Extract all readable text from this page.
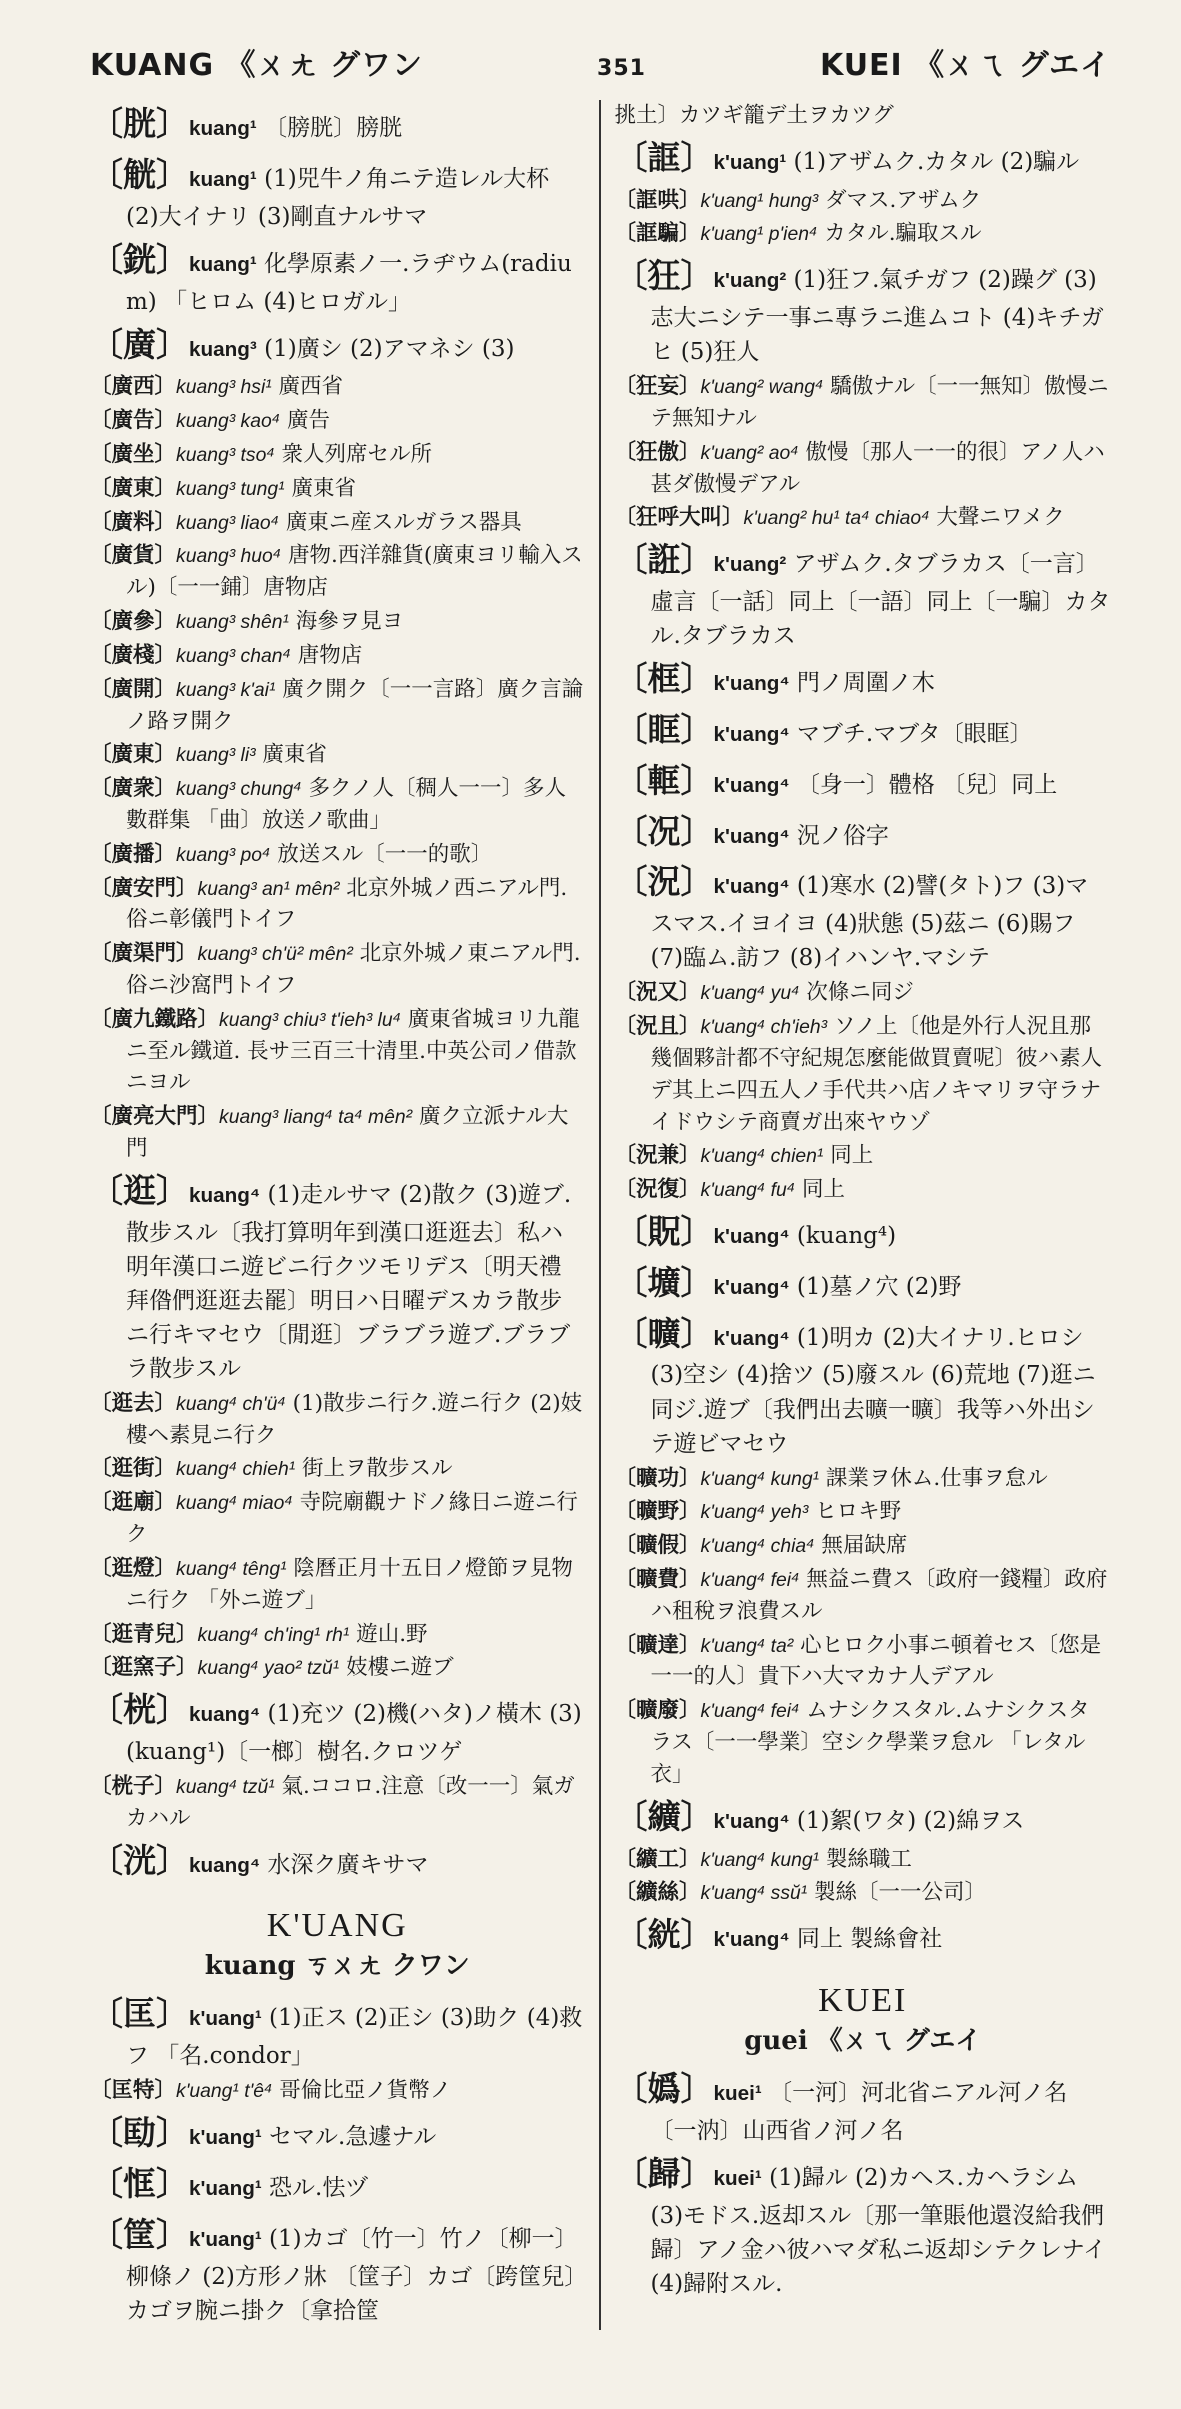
KUANG 《ㄨㄤ グワン	351	KUEI 《ㄨㄟ グエイ

〔胱〕kuang¹ 〔膀胱〕膀胱

〔觥〕kuang¹ (1)兕牛ノ角ニテ造レル大杯 (2)大イナリ (3)剛直ナルサマ

〔銧〕kuang¹ 化學原素ノ一.ラヂウム(radium) 「ヒロム (4)ヒロガル」

〔廣〕kuang³ (1)廣シ (2)アマネシ (3)

〔廣西〕kuang³ hsi¹ 廣西省

〔廣告〕kuang³ kao⁴ 廣告

〔廣坐〕kuang³ tso⁴ 衆人列席セル所

〔廣東〕kuang³ tung¹ 廣東省

〔廣料〕kuang³ liao⁴ 廣東ニ産スルガラス器具

〔廣貨〕kuang³ huo⁴ 唐物.西洋雜貨(廣東ヨリ輸入スル)〔一一鋪〕唐物店

〔廣參〕kuang³ shên¹ 海參ヲ見ヨ

〔廣棧〕kuang³ chan⁴ 唐物店

〔廣開〕kuang³ k'ai¹ 廣ク開ク〔一一言路〕廣ク言論ノ路ヲ開ク

〔廣東〕kuang³ li³ 廣東省

〔廣衆〕kuang³ chung⁴ 多クノ人〔稠人一一〕多人數群集 「曲〕放送ノ歌曲」

〔廣播〕kuang³ po⁴ 放送スル〔一一的歌〕

〔廣安門〕kuang³ an¹ mên² 北京外城ノ西ニアル門.俗ニ彰儀門トイフ

〔廣渠門〕kuang³ ch'ü² mên² 北京外城ノ東ニアル門.俗ニ沙窩門トイフ

〔廣九鐵路〕kuang³ chiu³ t'ieh³ lu⁴ 廣東省城ヨリ九龍ニ至ル鐵道. 長サ三百三十清里.中英公司ノ借款ニヨル

〔廣亮大門〕kuang³ liang⁴ ta⁴ mên² 廣ク立派ナル大門

〔逛〕kuang⁴ (1)走ルサマ (2)散ク (3)遊ブ.散步スル〔我打算明年到漢口逛逛去〕私ハ明年漢口ニ遊ビニ行クツモリデス〔明天禮拜偺們逛逛去罷〕明日ハ日曜デスカラ散步ニ行キマセウ〔閒逛〕ブラブラ遊ブ.ブラブラ散步スル

〔逛去〕kuang⁴ ch'ü⁴ (1)散步ニ行ク.遊ニ行ク (2)妓樓ヘ素見ニ行ク

〔逛街〕kuang⁴ chieh¹ 街上ヲ散步スル

〔逛廟〕kuang⁴ miao⁴ 寺院廟觀ナドノ緣日ニ遊ニ行ク

〔逛燈〕kuang⁴ têng¹ 陰曆正月十五日ノ燈節ヲ見物ニ行ク 「外ニ遊ブ」

〔逛青兒〕kuang⁴ ch'ing¹ rh¹ 遊山.野

〔逛窯子〕kuang⁴ yao² tzŭ¹ 妓樓ニ遊ブ

〔桄〕kuang⁴ (1)充ツ (2)機(ハタ)ノ橫木 (3)(kuang¹)〔一榔〕樹名.クロツゲ

〔桄子〕kuang⁴ tzŭ¹ 氣.ココロ.注意〔改一一〕氣ガカハル

〔洸〕kuang⁴ 水深ク廣キサマ

K'UANG
kuang ㄎㄨㄤ クワン

〔匡〕k'uang¹ (1)正ス (2)正シ (3)助ク (4)救フ 「名.condor」

〔匡特〕k'uang¹ t'ê⁴ 哥倫比亞ノ貨幣ノ

〔劻〕k'uang¹ セマル.急遽ナル

〔恇〕k'uang¹ 恐ル.怯ヅ

〔筐〕k'uang¹ (1)カゴ〔竹一〕竹ノ〔柳一〕柳條ノ (2)方形ノ牀 〔筐子〕カゴ〔跨筐兒〕カゴヲ腕ニ掛ク〔拿拾筐

挑土〕カツギ籠デ土ヲカツグ

〔誆〕k'uang¹ (1)アザムク.カタル (2)騙ル

〔誆哄〕k'uang¹ hung³ ダマス.アザムク

〔誆騙〕k'uang¹ p'ien⁴ カタル.騙取スル

〔狂〕k'uang² (1)狂フ.氣チガフ (2)躁グ (3)志大ニシテ一事ニ專ラニ進ムコト (4)キチガヒ (5)狂人

〔狂妄〕k'uang² wang⁴ 驕傲ナル〔一一無知〕傲慢ニテ無知ナル

〔狂傲〕k'uang² ao⁴ 傲慢〔那人一一的很〕アノ人ハ甚ダ傲慢デアル

〔狂呼大叫〕k'uang² hu¹ ta⁴ chiao⁴ 大聲ニワメク

〔誑〕k'uang² アザムク.タブラカス〔一言〕虛言〔一話〕同上〔一語〕同上〔一騙〕カタル.タブラカス

〔框〕k'uang⁴ 門ノ周圍ノ木

〔眶〕k'uang⁴ マブチ.マブタ〔眼眶〕

〔軭〕k'uang⁴ 〔身一〕體格 〔兒〕同上

〔况〕k'uang⁴ 況ノ俗字

〔況〕k'uang⁴ (1)寒水 (2)譬(タト)フ (3)マスマス.イヨイヨ (4)狀態 (5)茲ニ (6)賜フ (7)臨ム.訪フ (8)イハンヤ.マシテ

〔況又〕k'uang⁴ yu⁴ 次條ニ同ジ

〔況且〕k'uang⁴ ch'ieh³ ソノ上〔他是外行人況且那幾個夥計都不守紀規怎麼能做買賣呢〕彼ハ素人デ其上ニ四五人ノ手代共ハ店ノキマリヲ守ラナイドウシテ商賣ガ出來ヤウゾ

〔況兼〕k'uang⁴ chien¹ 同上

〔況復〕k'uang⁴ fu⁴ 同上

〔貺〕k'uang⁴ (kuang⁴)

〔壙〕k'uang⁴ (1)墓ノ穴 (2)野

〔曠〕k'uang⁴ (1)明カ (2)大イナリ.ヒロシ (3)空シ (4)捨ツ (5)廢スル (6)荒地 (7)逛ニ同ジ.遊ブ〔我們出去曠一曠〕我等ハ外出シテ遊ビマセウ

〔曠功〕k'uang⁴ kung¹ 課業ヲ休ム.仕事ヲ怠ル

〔曠野〕k'uang⁴ yeh³ ヒロキ野

〔曠假〕k'uang⁴ chia⁴ 無届缺席

〔曠費〕k'uang⁴ fei⁴ 無益ニ費ス〔政府一錢糧〕政府ハ租稅ヲ浪費スル

〔曠達〕k'uang⁴ ta² 心ヒロク小事ニ頓着セス〔您是一一的人〕貴下ハ大マカナ人デアル

〔曠廢〕k'uang⁴ fei⁴ ムナシクスタル.ムナシクスタラス〔一一學業〕空シク學業ヲ怠ル 「レタル衣」

〔纊〕k'uang⁴ (1)絮(ワタ) (2)綿ヲス

〔纊工〕k'uang⁴ kung¹ 製絲職工

〔纊絲〕k'uang⁴ ssŭ¹ 製絲〔一一公司〕

〔絖〕k'uang⁴ 同上 製絲會社

KUEI
guei 《ㄨㄟ グエイ

〔嬀〕kuei¹ 〔一河〕河北省ニアル河ノ名〔一汭〕山西省ノ河ノ名

〔歸〕kuei¹ (1)歸ル (2)カヘス.カヘラシム (3)モドス.返却スル〔那一筆賬他還沒給我們歸〕アノ金ハ彼ハマダ私ニ返却シテクレナイ (4)歸附スル.
